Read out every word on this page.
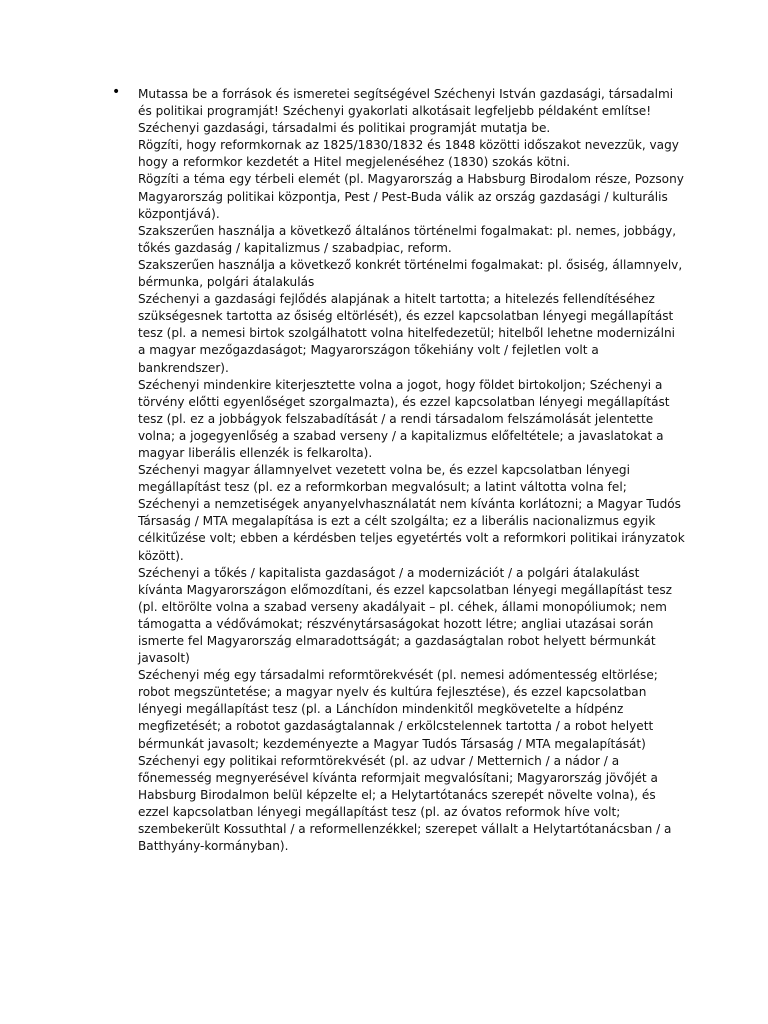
• Mutassa be a források és ismeretei segítségével Széchenyi István gazdasági, társadalmi és politikai programját! Széchenyi gyakorlati alkotásait legfeljebb példaként említse!

Széchenyi gazdasági, társadalmi és politikai programját mutatja be.

Rögzíti, hogy reformkornak az 1825/1830/1832 és 1848 közötti időszakot nevezzük, vagy hogy a reformkor kezdetét a Hitel megjelenéséhez (1830) szokás kötni.

Rögzíti a téma egy térbeli elemét (pl. Magyarország a Habsburg Birodalom része, Pozsony Magyarország politikai központja, Pest / Pest-Buda válik az ország gazdasági / kulturális központjává).

Szakszerűen használja a következő általános történelmi fogalmakat: pl. nemes, jobbágy, tőkés gazdaság / kapitalizmus / szabadpiac, reform.

Szakszerűen használja a következő konkrét történelmi fogalmakat: pl. ősiség, államnyelv, bérmunka, polgári átalakulás

Széchenyi a gazdasági fejlődés alapjának a hitelt tartotta; a hitelezés fellendítéséhez szükségesnek tartotta az ősiség eltörlését), és ezzel kapcsolatban lényegi megállapítást tesz (pl. a nemesi birtok szolgálhatott volna hitelfedezetül; hitelből lehetne modernizálni a magyar mezőgazdaságot; Magyarországon tőkehiány volt / fejletlen volt a bankrendszer).

Széchenyi mindenkire kiterjesztette volna a jogot, hogy földet birtokoljon; Széchenyi a törvény előtti egyenlőséget szorgalmazta), és ezzel kapcsolatban lényegi megállapítást tesz (pl. ez a jobbágyok felszabadítását / a rendi társadalom felszámolását jelentette volna; a jogegyenlőség a szabad verseny / a kapitalizmus előfeltétele; a javaslatokat a magyar liberális ellenzék is felkarolta).

Széchenyi magyar államnyelvet vezetett volna be, és ezzel kapcsolatban lényegi megállapítást tesz (pl. ez a reformkorban megvalósult; a latint váltotta volna fel; Széchenyi a nemzetiségek anyanyelvhasználatát nem kívánta korlátozni; a Magyar Tudós Társaság / MTA megalapítása is ezt a célt szolgálta; ez a liberális nacionalizmus egyik célkitűzése volt; ebben a kérdésben teljes egyetértés volt a reformkori politikai irányzatok között).

Széchenyi a tőkés / kapitalista gazdaságot / a modernizációt / a polgári átalakulást kívánta Magyarországon előmozdítani, és ezzel kapcsolatban lényegi megállapítást tesz (pl. eltörölte volna a szabad verseny akadályait – pl. céhek, állami monopóliumok; nem támogatta a védővámokat; részvénytársaságokat hozott létre; angliai utazásai során ismerte fel Magyarország elmaradottságát; a gazdaságtalan robot helyett bérmunkát javasolt)

Széchenyi még egy társadalmi reformtörekvését (pl. nemesi adómentesség eltörlése; robot megszüntetése; a magyar nyelv és kultúra fejlesztése), és ezzel kapcsolatban lényegi megállapítást tesz (pl. a Lánchídon mindenkitől megkövetelte a hídpénz megfizetését; a robotot gazdaságtalannak / erkölcstelennek tartotta / a robot helyett bérmunkát javasolt; kezdeményezte a Magyar Tudós Társaság / MTA megalapítását)

Széchenyi egy politikai reformtörekvését (pl. az udvar / Metternich / a nádor / a főnemesség megnyerésével kívánta reformjait megvalósítani; Magyarország jövőjét a Habsburg Birodalmon belül képzelte el; a Helytartótanács szerepét növelte volna), és ezzel kapcsolatban lényegi megállapítást tesz (pl. az óvatos reformok híve volt; szembekerült Kossuthtal / a reformellenzékkel; szerepet vállalt a Helytartótanácsban / a Batthyány-kormányban).
